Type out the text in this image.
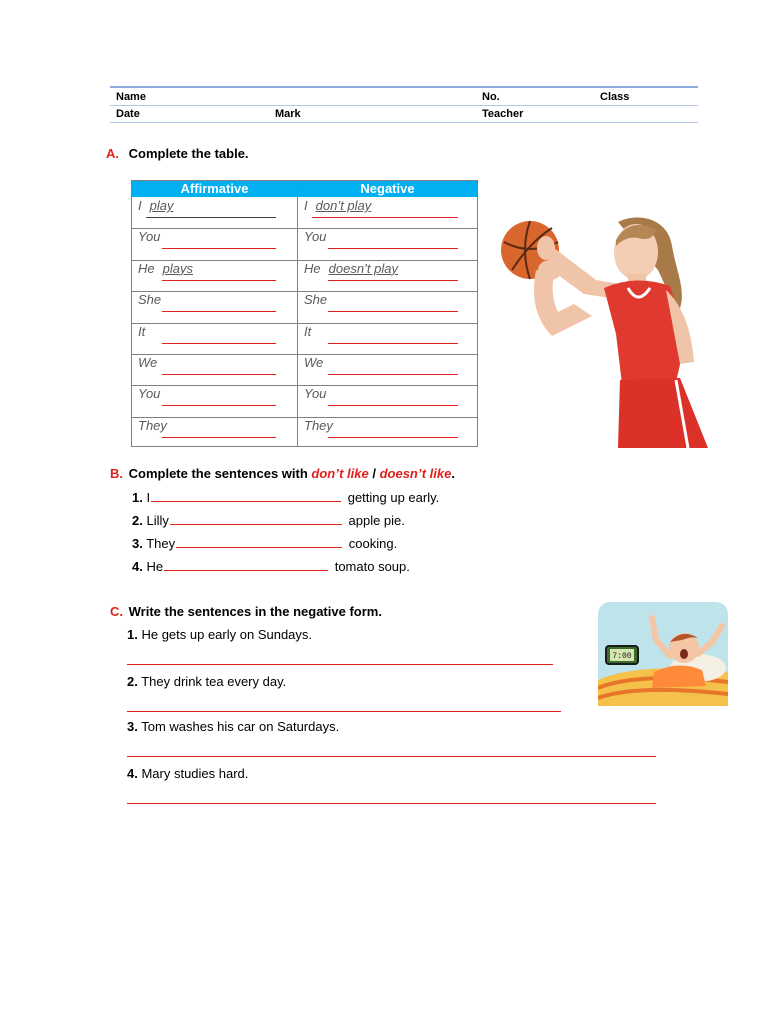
Name	No.	Class
Date	Mark	Teacher
A. Complete the table.
Affirmative	Negative
I play	I don’t play
You	You
He plays	He doesn’t play
She	She
It	It
We	We
You	You
They	They
B. Complete the sentences with don’t like / doesn’t like.
1. I	getting up early.
2. Lilly	apple pie.
3. They	cooking.
4. He	tomato soup.
C. Write the sentences in the negative form.
1. He gets up early on Sundays.
2. They drink tea every day.
3. Tom washes his car on Saturdays.
4. Mary studies hard.
7:00
